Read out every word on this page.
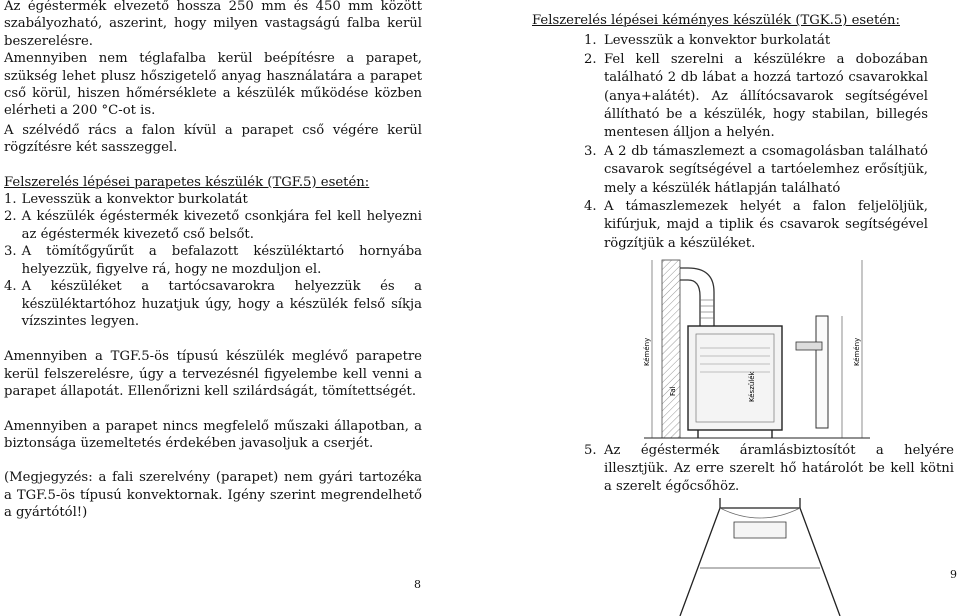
Az égéstermék elvezető hossza 250 mm és 450 mm között szabályozható, aszerint, hogy milyen vastagságú falba kerül beszerelésre.

Amennyiben nem téglafalba kerül beépítésre a parapet, szükség lehet plusz hőszigetelő anyag használatára a parapet cső körül, hiszen hőmérséklete a készülék működése közben elérheti a 200 °C-ot is.

A szélvédő rács a falon kívül a parapet cső végére kerül rögzítésre két sasszeggel.

Felszerelés lépései parapetes készülék (TGF.5) esetén:
1. Levesszük a konvektor burkolatát
2. A készülék égéstermék kivezető csonkjára fel kell helyezni az égéstermék kivezető cső belsőt.
3. A tömítőgyűrűt a befalazott készüléktartó hornyába helyezzük, figyelve rá, hogy ne mozduljon el.
4. A készüléket a tartócsavarokra helyezzük és a készüléktartóhoz huzatjuk úgy, hogy a készülék felső síkja vízszintes legyen.

Amennyiben a TGF.5-ös típusú készülék meglévő parapetre kerül felszerelésre, úgy a tervezésnél figyelembe kell venni a parapet állapotát. Ellenőrizni kell szilárdságát, tömítettségét.

Amennyiben a parapet nincs megfelelő műszaki állapotban, a biztonsága üzemeltetés érdekében javasoljuk a cserjét.

(Megjegyzés: a fali szerelvény (parapet) nem gyári tartozéka a TGF.5-ös típusú konvektornak. Igény szerint megrendelhető a gyártótól!)

8
Felszerelés lépései kéményes készülék (TGK.5) esetén:
1. Levesszük a konvektor burkolatát
2. Fel kell szerelni a készülékre a dobozában található 2 db lábat a hozzá tartozó csavarokkal (anya+alátét). Az állítócsavarok segítségével állítható be a készülék, hogy stabilan, billegés mentesen álljon a helyén.
3. A 2 db támaszlemezt a csomagolásban található csavarok segítségével a tartóelemhez erősítjük, mely a készülék hátlapján található
4. A támaszlemezek helyét a falon feljelöljük, kifúrjuk, majd a tiplik és csavarok segítségével rögzítjük a készüléket.
Kémény
Fal	Készülék
Kémény
5. Az égéstermék áramlásbiztosítót a helyére illesztjük. Az erre szerelt hő határolót be kell kötni a szerelt égőcsőhöz.
9
